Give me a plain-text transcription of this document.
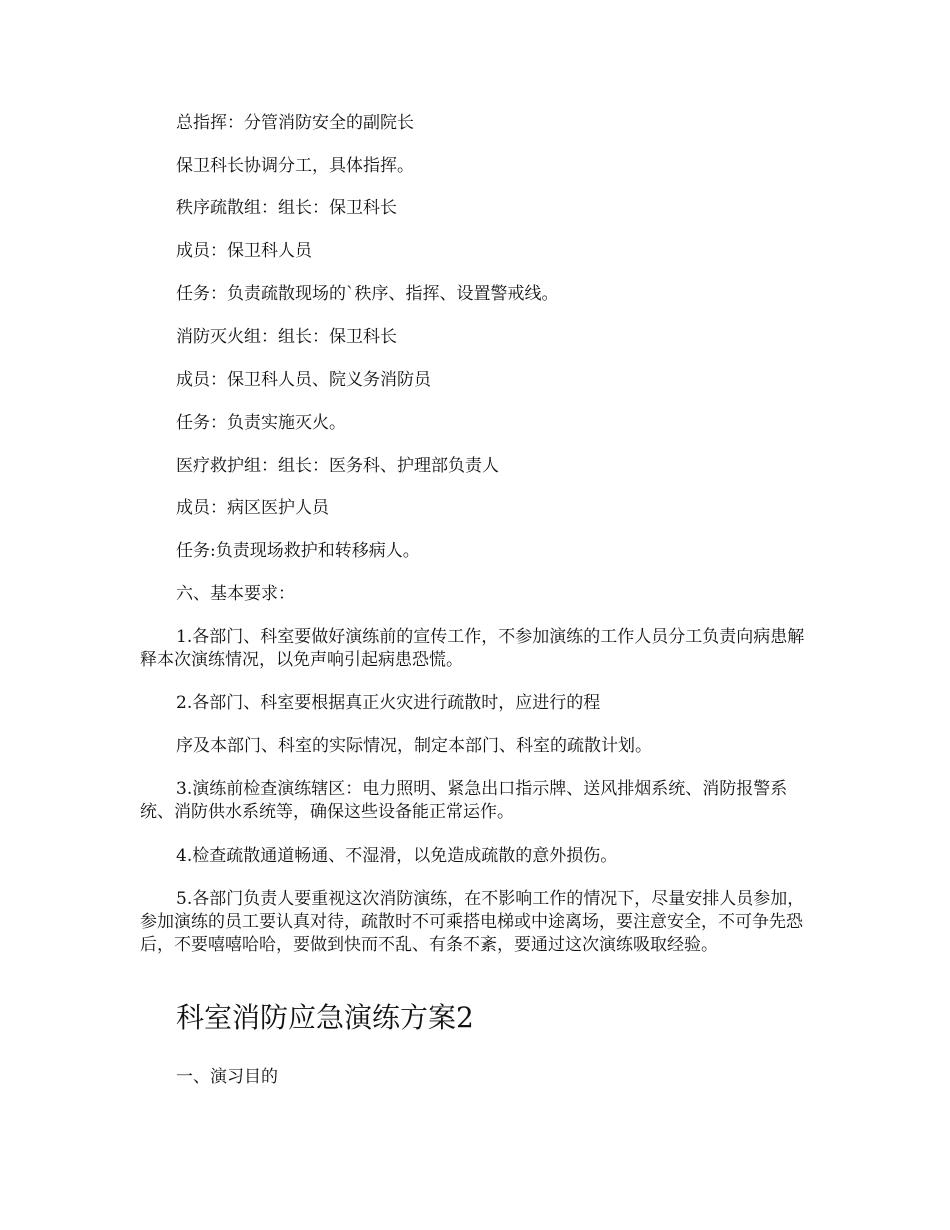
总指挥：分管消防安全的副院长

保卫科长协调分工，具体指挥。

秩序疏散组：组长：保卫科长

成员：保卫科人员

任务：负责疏散现场的`秩序、指挥、设置警戒线。

消防灭火组：组长：保卫科长

成员：保卫科人员、院义务消防员

任务：负责实施灭火。

医疗救护组：组长：医务科、护理部负责人

成员：病区医护人员

任务:负责现场救护和转移病人。

六、基本要求：

1.各部门、科室要做好演练前的宣传工作，不参加演练的工作人员分工负责向病患解释本次演练情况，以免声响引起病患恐慌。

2.各部门、科室要根据真正火灾进行疏散时，应进行的程

序及本部门、科室的实际情况，制定本部门、科室的疏散计划。

3.演练前检查演练辖区：电力照明、紧急出口指示牌、送风排烟系统、消防报警系统、消防供水系统等，确保这些设备能正常运作。

4.检查疏散通道畅通、不湿滑，以免造成疏散的意外损伤。

5.各部门负责人要重视这次消防演练，在不影响工作的情况下，尽量安排人员参加，参加演练的员工要认真对待，疏散时不可乘搭电梯或中途离场，要注意安全，不可争先恐后，不要嘻嘻哈哈，要做到快而不乱、有条不紊，要通过这次演练吸取经验。

科室消防应急演练方案2

一、演习目的
